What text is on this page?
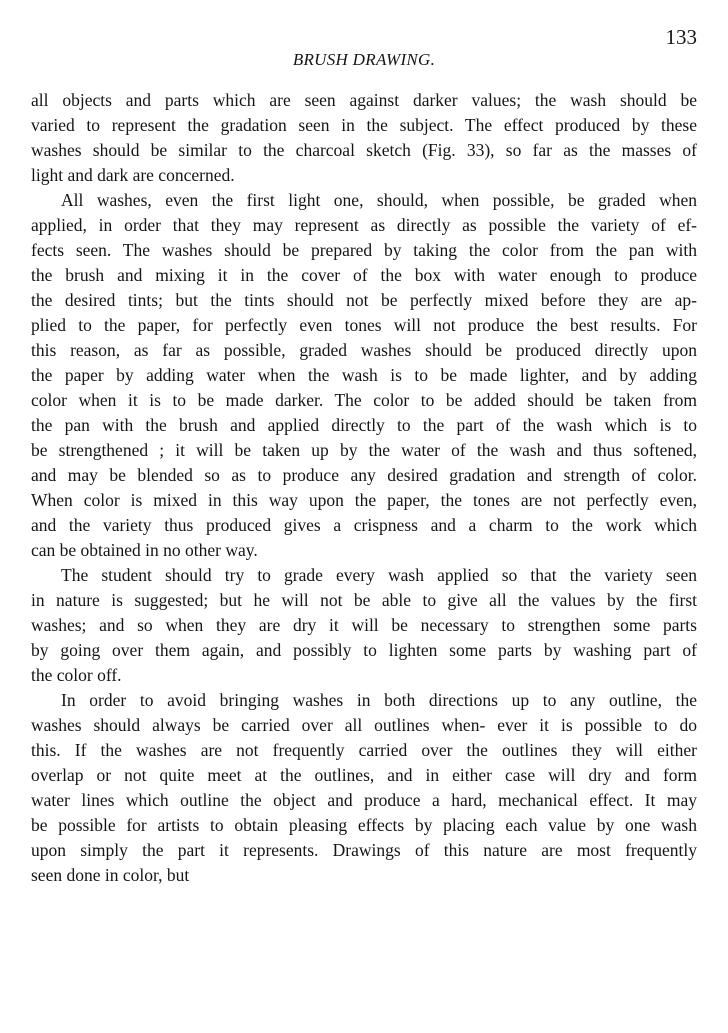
133
BRUSH DRAWING.
all objects and parts which are seen against darker values; the wash should be
varied to represent the gradation seen in the subject. The effect produced by these
washes should be similar to the charcoal sketch (Fig. 33), so far as the masses of
light and dark are concerned.
All washes, even the first light one, should, when possible, be graded when
applied, in order that they may represent as directly as possible the variety of ef-
fects seen. The washes should be prepared by taking the color from the pan with
the brush and mixing it in the cover of the box with water enough to produce
the desired tints; but the tints should not be perfectly mixed before they are ap-
plied to the paper, for perfectly even tones will not produce the best results. For
this reason, as far as possible, graded washes should be produced directly upon
the paper by adding water when the wash is to be made lighter, and by adding
color when it is to be made darker. The color to be added should be taken from
the pan with the brush and applied directly to the part of the wash which is to
be strengthened ; it will be taken up by the water of the wash and thus softened,
and may be blended so as to produce any desired gradation and strength of color.
When color is mixed in this way upon the paper, the tones are not perfectly even,
and the variety thus produced gives a crispness and a charm to the work which
can be obtained in no other way.
The student should try to grade every wash applied so that the variety seen
in nature is suggested; but he will not be able to give all the values by the first
washes; and so when they are dry it will be necessary to strengthen some parts
by going over them again, and possibly to lighten some parts by washing part of
the color off.
In order to avoid bringing washes in both directions up to any outline, the
washes should always be carried over all outlines when- ever it is possible to do
this. If the washes are not frequently carried over the outlines they will either
overlap or not quite meet at the outlines, and in either case will dry and form
water lines which outline the object and produce a hard, mechanical effect. It may
be possible for artists to obtain pleasing effects by placing each value by one wash
upon simply the part it represents. Drawings of this nature are most frequently
seen done in color, but
